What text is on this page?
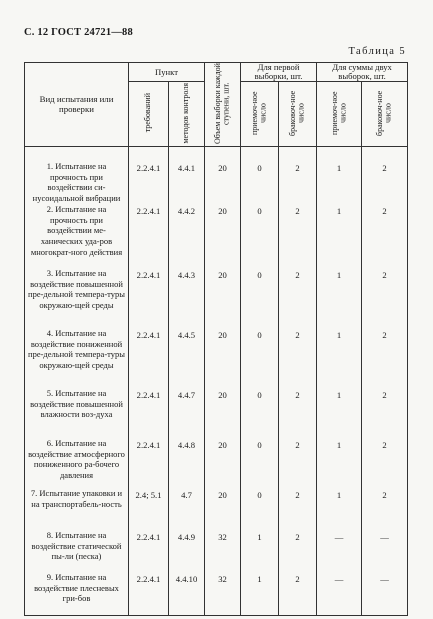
С. 12 ГОСТ 24721—88
Таблица 5
Вид испытания или проверки	Пункт		Объем выборки каждой ступени, шт.	Для первой выборки, шт.		Для суммы двух выборок, шт.	
	требований	методов контроля		приемоч-ное число	браковоч-ное число	приемоч-ное число	браковоч-ное число
1. Испытание на прочность при воздействии си-нусоидальной вибрации	2.2.4.1	4.4.1	20	0	2	1	2
2. Испытание на прочность при воздействии ме-ханических уда-ров многократ-ного действия	2.2.4.1	4.4.2	20	0	2	1	2
3. Испытание на воздействие повышенной пре-дельной темпера-туры окружаю-щей среды	2.2.4.1	4.4.3	20	0	2	1	2
4. Испытание на воздействие пониженной пре-дельной темпера-туры окружаю-щей среды	2.2.4.1	4.4.5	20	0	2	1	2
5. Испытание на воздействие повышенной влажности воз-духа	2.2.4.1	4.4.7	20	0	2	1	2
6. Испытание на воздействие атмосферного пониженного ра-бочего давления	2.2.4.1	4.4.8	20	0	2	1	2
7. Испытание упаковки и на транспортабель-ность	2.4; 5.1	4.7	20	0	2	1	2
8. Испытание на воздействие статической пы-ли (песка)	2.2.4.1	4.4.9	32	1	2	—	—
9. Испытание на воздействие плесневых гри-бов	2.2.4.1	4.4.10	32	1	2	—	—
